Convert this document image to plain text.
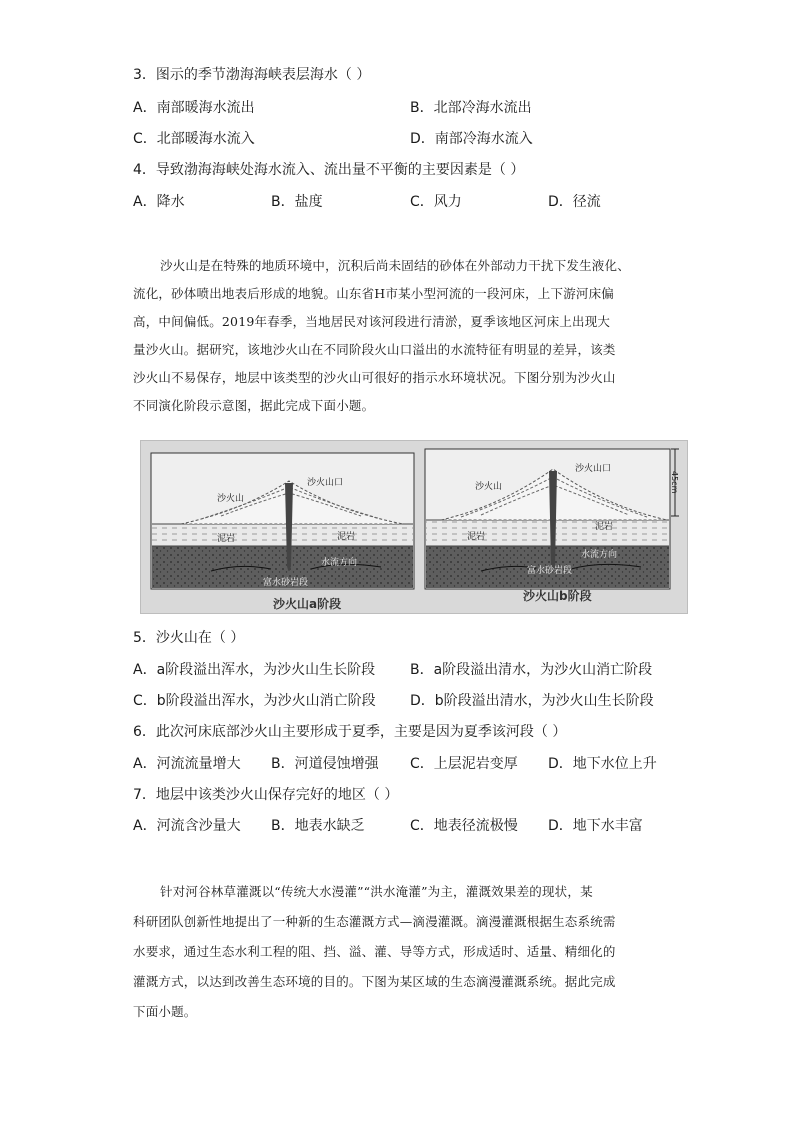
3．图示的季节渤海海峡表层海水（ ）
A．南部暖海水流出	B．北部冷海水流出
C．北部暖海水流入	D．南部冷海水流入
4．导致渤海海峡处海水流入、流出量不平衡的主要因素是（ ）
A．降水	B．盐度	C．风力	D．径流
沙火山是在特殊的地质环境中，沉积后尚未固结的砂体在外部动力干扰下发生液化、
流化，砂体喷出地表后形成的地貌。山东省H市某小型河流的一段河床，上下游河床偏
高，中间偏低。2019年春季，当地居民对该河段进行清淤，夏季该地区河床上出现大
量沙火山。据研究，该地沙火山在不同阶段火山口溢出的水流特征有明显的差异，该类
沙火山不易保存，地层中该类型的沙火山可很好的指示水环境状况。下图分别为沙火山
不同演化阶段示意图，据此完成下面小题。
沙火山口
沙火山
泥岩	泥岩
水流方向
富水砂岩段
沙火山a阶段
沙火山口
沙火山
泥岩
泥岩
水流方向
富水砂岩段
沙火山b阶段
45cm
5．沙火山在（ ）
A．a阶段溢出浑水，为沙火山生长阶段 B．a阶段溢出清水，为沙火山消亡阶段
C．b阶段溢出浑水，为沙火山消亡阶段 D．b阶段溢出清水，为沙火山生长阶段
6．此次河床底部沙火山主要形成于夏季，主要是因为夏季该河段（ ）
A．河流流量增大 B．河道侵蚀增强 C．上层泥岩变厚 D．地下水位上升
7．地层中该类沙火山保存完好的地区（ ）
A．河流含沙量大 B．地表水缺乏	C．地表径流极慢 D．地下水丰富
针对河谷林草灌溉以“传统大水漫灌”“洪水淹灌”为主，灌溉效果差的现状，某
科研团队创新性地提出了一种新的生态灌溉方式—滴漫灌溉。滴漫灌溉根据生态系统需
水要求，通过生态水利工程的阻、挡、溢、灌、导等方式，形成适时、适量、精细化的
灌溉方式，以达到改善生态环境的目的。下图为某区域的生态滴漫灌溉系统。据此完成
下面小题。
